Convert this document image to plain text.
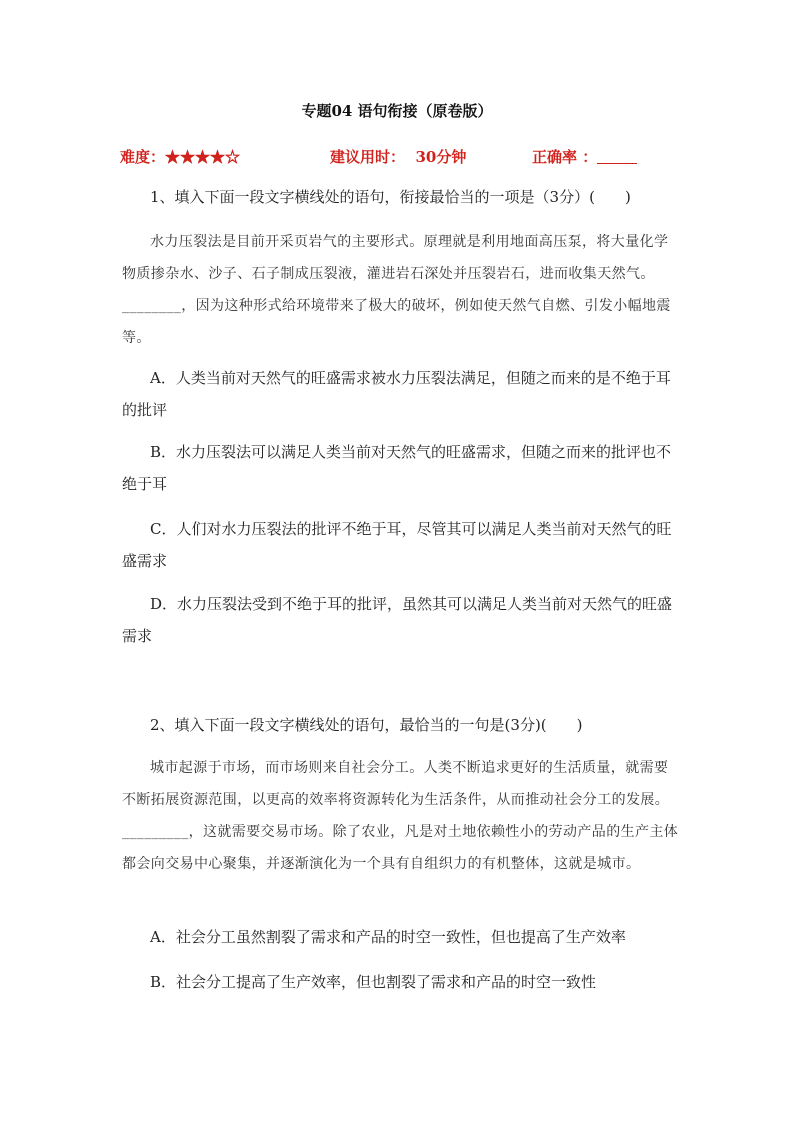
专题04 语句衔接（原卷版）
难度：★★★★☆	建议用时： 30分钟	正确率 ：
1、填入下面一段文字横线处的语句，衔接最恰当的一项是（3分）(　　)
水力压裂法是目前开采页岩气的主要形式。原理就是利用地面高压泵，将大量化学物质掺杂水、沙子、石子制成压裂液，灌进岩石深处并压裂岩石，进而收集天然气。________，因为这种形式给环境带来了极大的破坏，例如使天然气自燃、引发小幅地震等。
A．人类当前对天然气的旺盛需求被水力压裂法满足，但随之而来的是不绝于耳的批评
B．水力压裂法可以满足人类当前对天然气的旺盛需求，但随之而来的批评也不绝于耳
C．人们对水力压裂法的批评不绝于耳，尽管其可以满足人类当前对天然气的旺盛需求
D．水力压裂法受到不绝于耳的批评，虽然其可以满足人类当前对天然气的旺盛需求
2、填入下面一段文字横线处的语句，最恰当的一句是(3分)(　　)
城市起源于市场，而市场则来自社会分工。人类不断追求更好的生活质量，就需要不断拓展资源范围，以更高的效率将资源转化为生活条件，从而推动社会分工的发展。_________，这就需要交易市场。除了农业，凡是对土地依赖性小的劳动产品的生产主体都会向交易中心聚集，并逐渐演化为一个具有自组织力的有机整体，这就是城市。
A．社会分工虽然割裂了需求和产品的时空一致性，但也提高了生产效率
B．社会分工提高了生产效率，但也割裂了需求和产品的时空一致性
